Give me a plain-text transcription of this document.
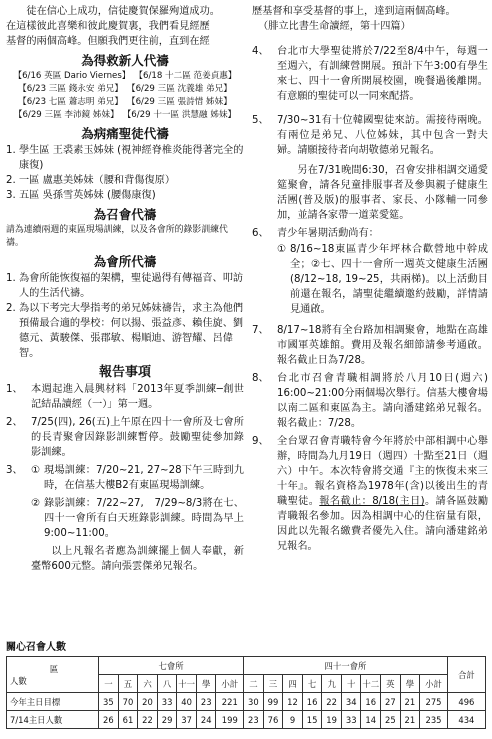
徒在信心上成功，信徒慶賀保羅殉道成功。

在這樣彼此喜樂和彼此慶賀裏，我們看見經歷

基督的兩個高峰。但願我們更往前，直到在經

為得救新人代禱
【6/16 英區 Dario Viernes】 【6/18 十二區 范姜貞惠】
【6/23 三區 錢永安 弟兄】 【6/29 三區 沈義雄 弟兄】
【6/23 七區 蕭志明 弟兄】 【6/29 三區 張詩惜 姊妹】
【6/29 三區 李沛鏡 姊妹】 【6/29 十一區 洪慧融 姊妹】
為病痛聖徒代禱
1. 學生區 王裘素玉姊妹 (視神經脊椎炎能得著完全的康復)
2. 一區 盧惠美姊妹（腰和背傷復原）
3. 五區 吳孫雪英姊妹 (腰傷康復)
為召會代禱

請為連續兩週的東區現場訓練，以及各會所的錄影訓練代禱。

為會所代禱
1. 為會所能恢復福的架構，聖徒過得有傳福音、叩訪人的生活代禱。
2. 為以下考完大學指考的弟兄姊妹禱告，求主為他們預備最合適的學校：何以揚、張益彥、賴佳旋、劉德元、黃駿傑、張郡敏、楊順迪、游智耀、呂偉智。
報告事項
1、 本週起進入晨興材料「2013年夏季訓練─創世記結晶讀經（一）」第一週。
2、 7/25(四), 26(五)上午原在四十一會所及七會所的長青聚會因錄影訓練暫停。鼓勵聖徒參加錄影訓練。
3、 ① 現場訓練：7/20~21, 27~28下午三時到九時，在信基大樓B2有東區現場訓練。
② 錄影訓練：7/22~27,　7/29~8/3將在七、四十一會所有白天班錄影訓練。時間為早上9:00~11:00。

以上凡報名者應為訓練擺上個人奉獻，新臺幣600元整。請向張雲傑弟兄報名。

歷基督和享受基督的事上，達到這兩個高峰。

（腓立比書生命讀經，第十四篇）

4、 台北市大學聖徒將於7/22至8/4中午，每週一至週六，有訓練營開展。預計下午3:00有學生來七、四十一會所開展校園，晚餐過後離開。有意願的聖徒可以一同來配搭。
5、 7/30~31有十位韓國聖徒來訪。需接待兩晚。有兩位是弟兄、八位姊妹，其中包含一對夫婦。請願接待者向胡敬德弟兄報名。

另在7/31晚間6:30，召會安排相調交通愛筵聚會，請各兒童排服事者及參與親子健康生活團(普及版)的服事者、家長、小隊輔一同參加，並請各家帶一道菜愛筵。

6、 青少年暑期活動尚有：

① 8/16~18東區青少年坪林合歡營地中幹成全；②七、四十一會所一週英文健康生活團(8/12~18, 19~25，共兩梯)。以上活動目前還在報名，請聖徒繼續邀約鼓勵，詳情請見通啟。
7、 8/17~18將有全台路加相調聚會，地點在高雄市國軍英雄館。費用及報名細節請參考通啟。報名截止日為7/28。
8、 台北市召會青職相調將於八月10日(週六) 16:00~21:00分兩個場次舉行。信基大樓會場以南二區和東區為主。請向潘建銘弟兄報名。報名截止：7/28。
9、 全台眾召會青職特會今年將於中部相調中心舉辦，時間為九月19日（週四）十點至21日（週六）中午。本次特會將交通『主的恢復未來三十年』。報名資格為1978年(含)以後出生的青職聖徒。報名截止：8/18(主日)。請各區鼓勵青職報名參加。因為相調中心的住宿量有限，因此以先報名繳費者優先入住。請向潘建銘弟兄報名。
關心召會人數
區
人數	七會所							四十一會所										合計
	一	五	六	八	十一	學	小計	二	三	四	七	九	十	十二	英	學	小計	
今年主日目標	35	70	20	33	40	23	221	30	99	12	16	22	34	16	27	21	275	496
7/14主日人數	26	61	22	29	37	24	199	23	76	9	15	19	33	14	25	21	235	434
